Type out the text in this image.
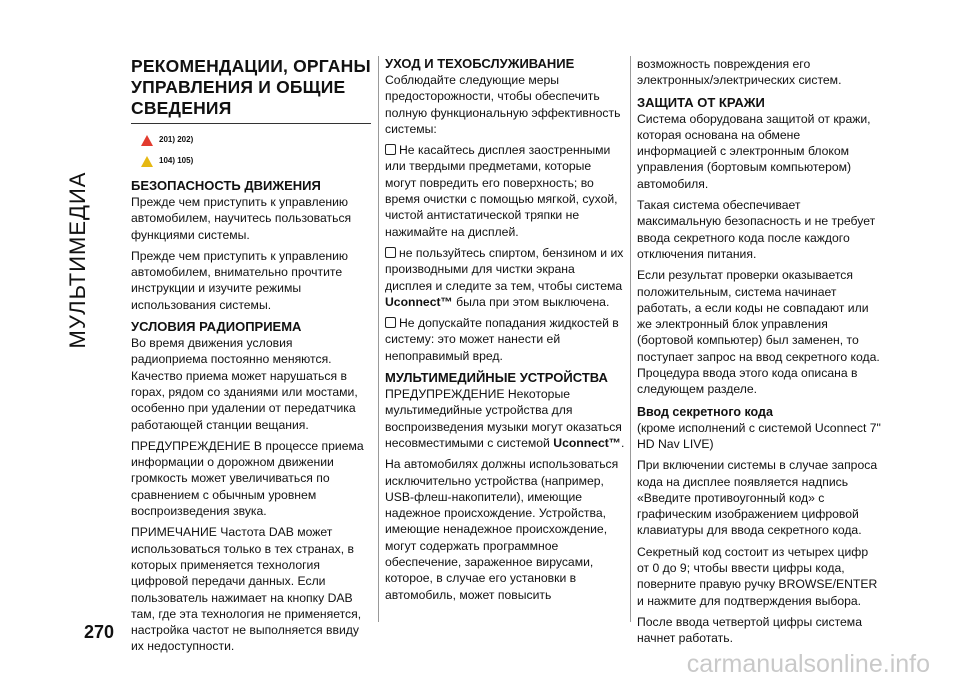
МУЛЬТИМЕДИА
РЕКОМЕНДАЦИИ, ОРГАНЫ УПРАВЛЕНИЯ И ОБЩИЕ СВЕДЕНИЯ
201) 202)
104) 105)
БЕЗОПАСНОСТЬ ДВИЖЕНИЯ

Прежде чем приступить к управлению автомобилем, научитесь пользоваться функциями системы.

Прежде чем приступить к управлению автомобилем, внимательно прочтите инструкции и изучите режимы использования системы.

УСЛОВИЯ РАДИОПРИЕМА

Во время движения условия радиоприема постоянно меняются. Качество приема может нарушаться в горах, рядом со зданиями или мостами, особенно при удалении от передатчика работающей станции вещания.

ПРЕДУПРЕЖДЕНИЕ В процессе приема информации о дорожном движении громкость может увеличиваться по сравнением с обычным уровнем воспроизведения звука.

ПРИМЕЧАНИЕ Частота DAB может использоваться только в тех странах, в которых применяется технология цифровой передачи данных. Если пользователь нажимает на кнопку DAB там, где эта технология не применяется, настройка частот не выполняется ввиду их недоступности.

УХОД И ТЕХОБСЛУЖИВАНИЕ

Соблюдайте следующие меры предосторожности, чтобы обеспечить полную функциональную эффективность системы:

Не касайтесь дисплея заостренными или твердыми предметами, которые могут повредить его поверхность; во время очистки с помощью мягкой, сухой, чистой антистатической тряпки не нажимайте на дисплей.

не пользуйтесь спиртом, бензином и их производными для чистки экрана дисплея и следите за тем, чтобы система Uconnect™ была при этом выключена.

Не допускайте попадания жидкостей в систему: это может нанести ей непоправимый вред.

МУЛЬТИМЕДИЙНЫЕ УСТРОЙСТВА

ПРЕДУПРЕЖДЕНИЕ Некоторые мультимедийные устройства для воспроизведения музыки могут оказаться несовместимыми с системой Uconnect™.

На автомобилях должны использоваться исключительно устройства (например, USB-флеш-накопители), имеющие надежное происхождение. Устройства, имеющие ненадежное происхождение, могут содержать программное обеспечение, зараженное вирусами, которое, в случае его установки в автомобиль, может повысить

возможность повреждения его электронных/электрических систем.

ЗАЩИТА ОТ КРАЖИ

Система оборудована защитой от кражи, которая основана на обмене информацией с электронным блоком управления (бортовым компьютером) автомобиля.

Такая система обеспечивает максимальную безопасность и не требует ввода секретного кода после каждого отключения питания.

Если результат проверки оказывается положительным, система начинает работать, а если коды не совпадают или же электронный блок управления (бортовой компьютер) был заменен, то поступает запрос на ввод секретного кода. Процедура ввода этого кода описана в следующем разделе.

Ввод секретного кода

(кроме исполнений с системой Uconnect 7" HD Nav LIVE)

При включении системы в случае запроса кода на дисплее появляется надпись «Введите противоугонный код» с графическим изображением цифровой клавиатуры для ввода секретного кода.

Секретный код состоит из четырех цифр от 0 до 9; чтобы ввести цифры кода, поверните правую ручку BROWSE/ENTER и нажмите для подтверждения выбора.

После ввода четвертой цифры система начнет работать.

270
carmanualsonline.info
